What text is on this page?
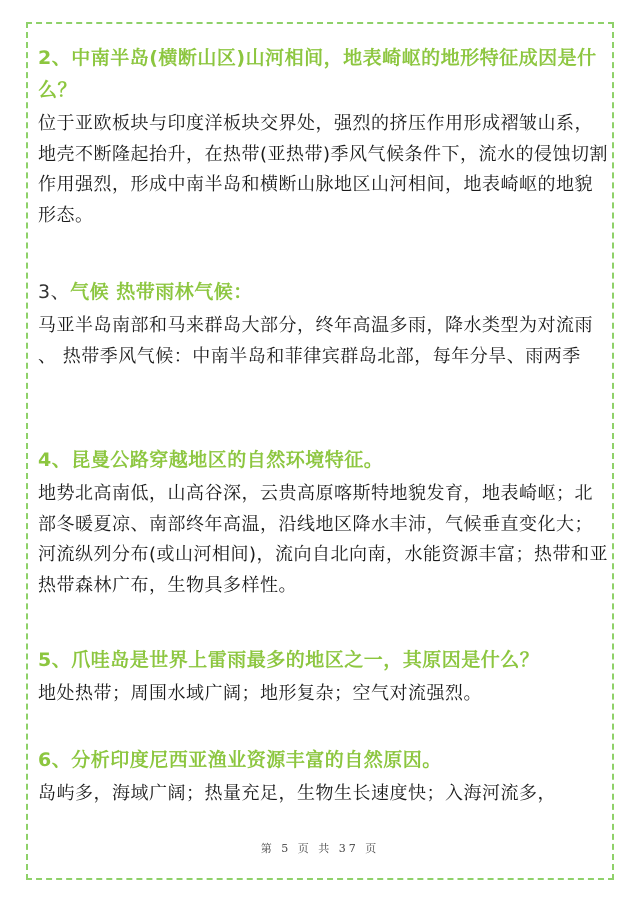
2、中南半岛(横断山区)山河相间，地表崎岖的地形特征成因是什么？
位于亚欧板块与印度洋板块交界处，强烈的挤压作用形成褶皱山系，地壳不断隆起抬升，在热带(亚热带)季风气候条件下，流水的侵蚀切割作用强烈，形成中南半岛和横断山脉地区山河相间，地表崎岖的地貌形态。
3、气候 热带雨林气候：
马亚半岛南部和马来群岛大部分，终年高温多雨，降水类型为对流雨 、 热带季风气候：中南半岛和菲律宾群岛北部，每年分旱、雨两季
4、昆曼公路穿越地区的自然环境特征。
地势北高南低，山高谷深，云贵高原喀斯特地貌发育，地表崎岖；北部冬暖夏凉、南部终年高温，沿线地区降水丰沛，气候垂直变化大；河流纵列分布(或山河相间)，流向自北向南，水能资源丰富；热带和亚热带森林广布，生物具多样性。
5、爪哇岛是世界上雷雨最多的地区之一，其原因是什么？
地处热带；周围水域广阔；地形复杂；空气对流强烈。
6、分析印度尼西亚渔业资源丰富的自然原因。
岛屿多，海域广阔；热量充足，生物生长速度快；入海河流多，
第 5 页 共 37 页
